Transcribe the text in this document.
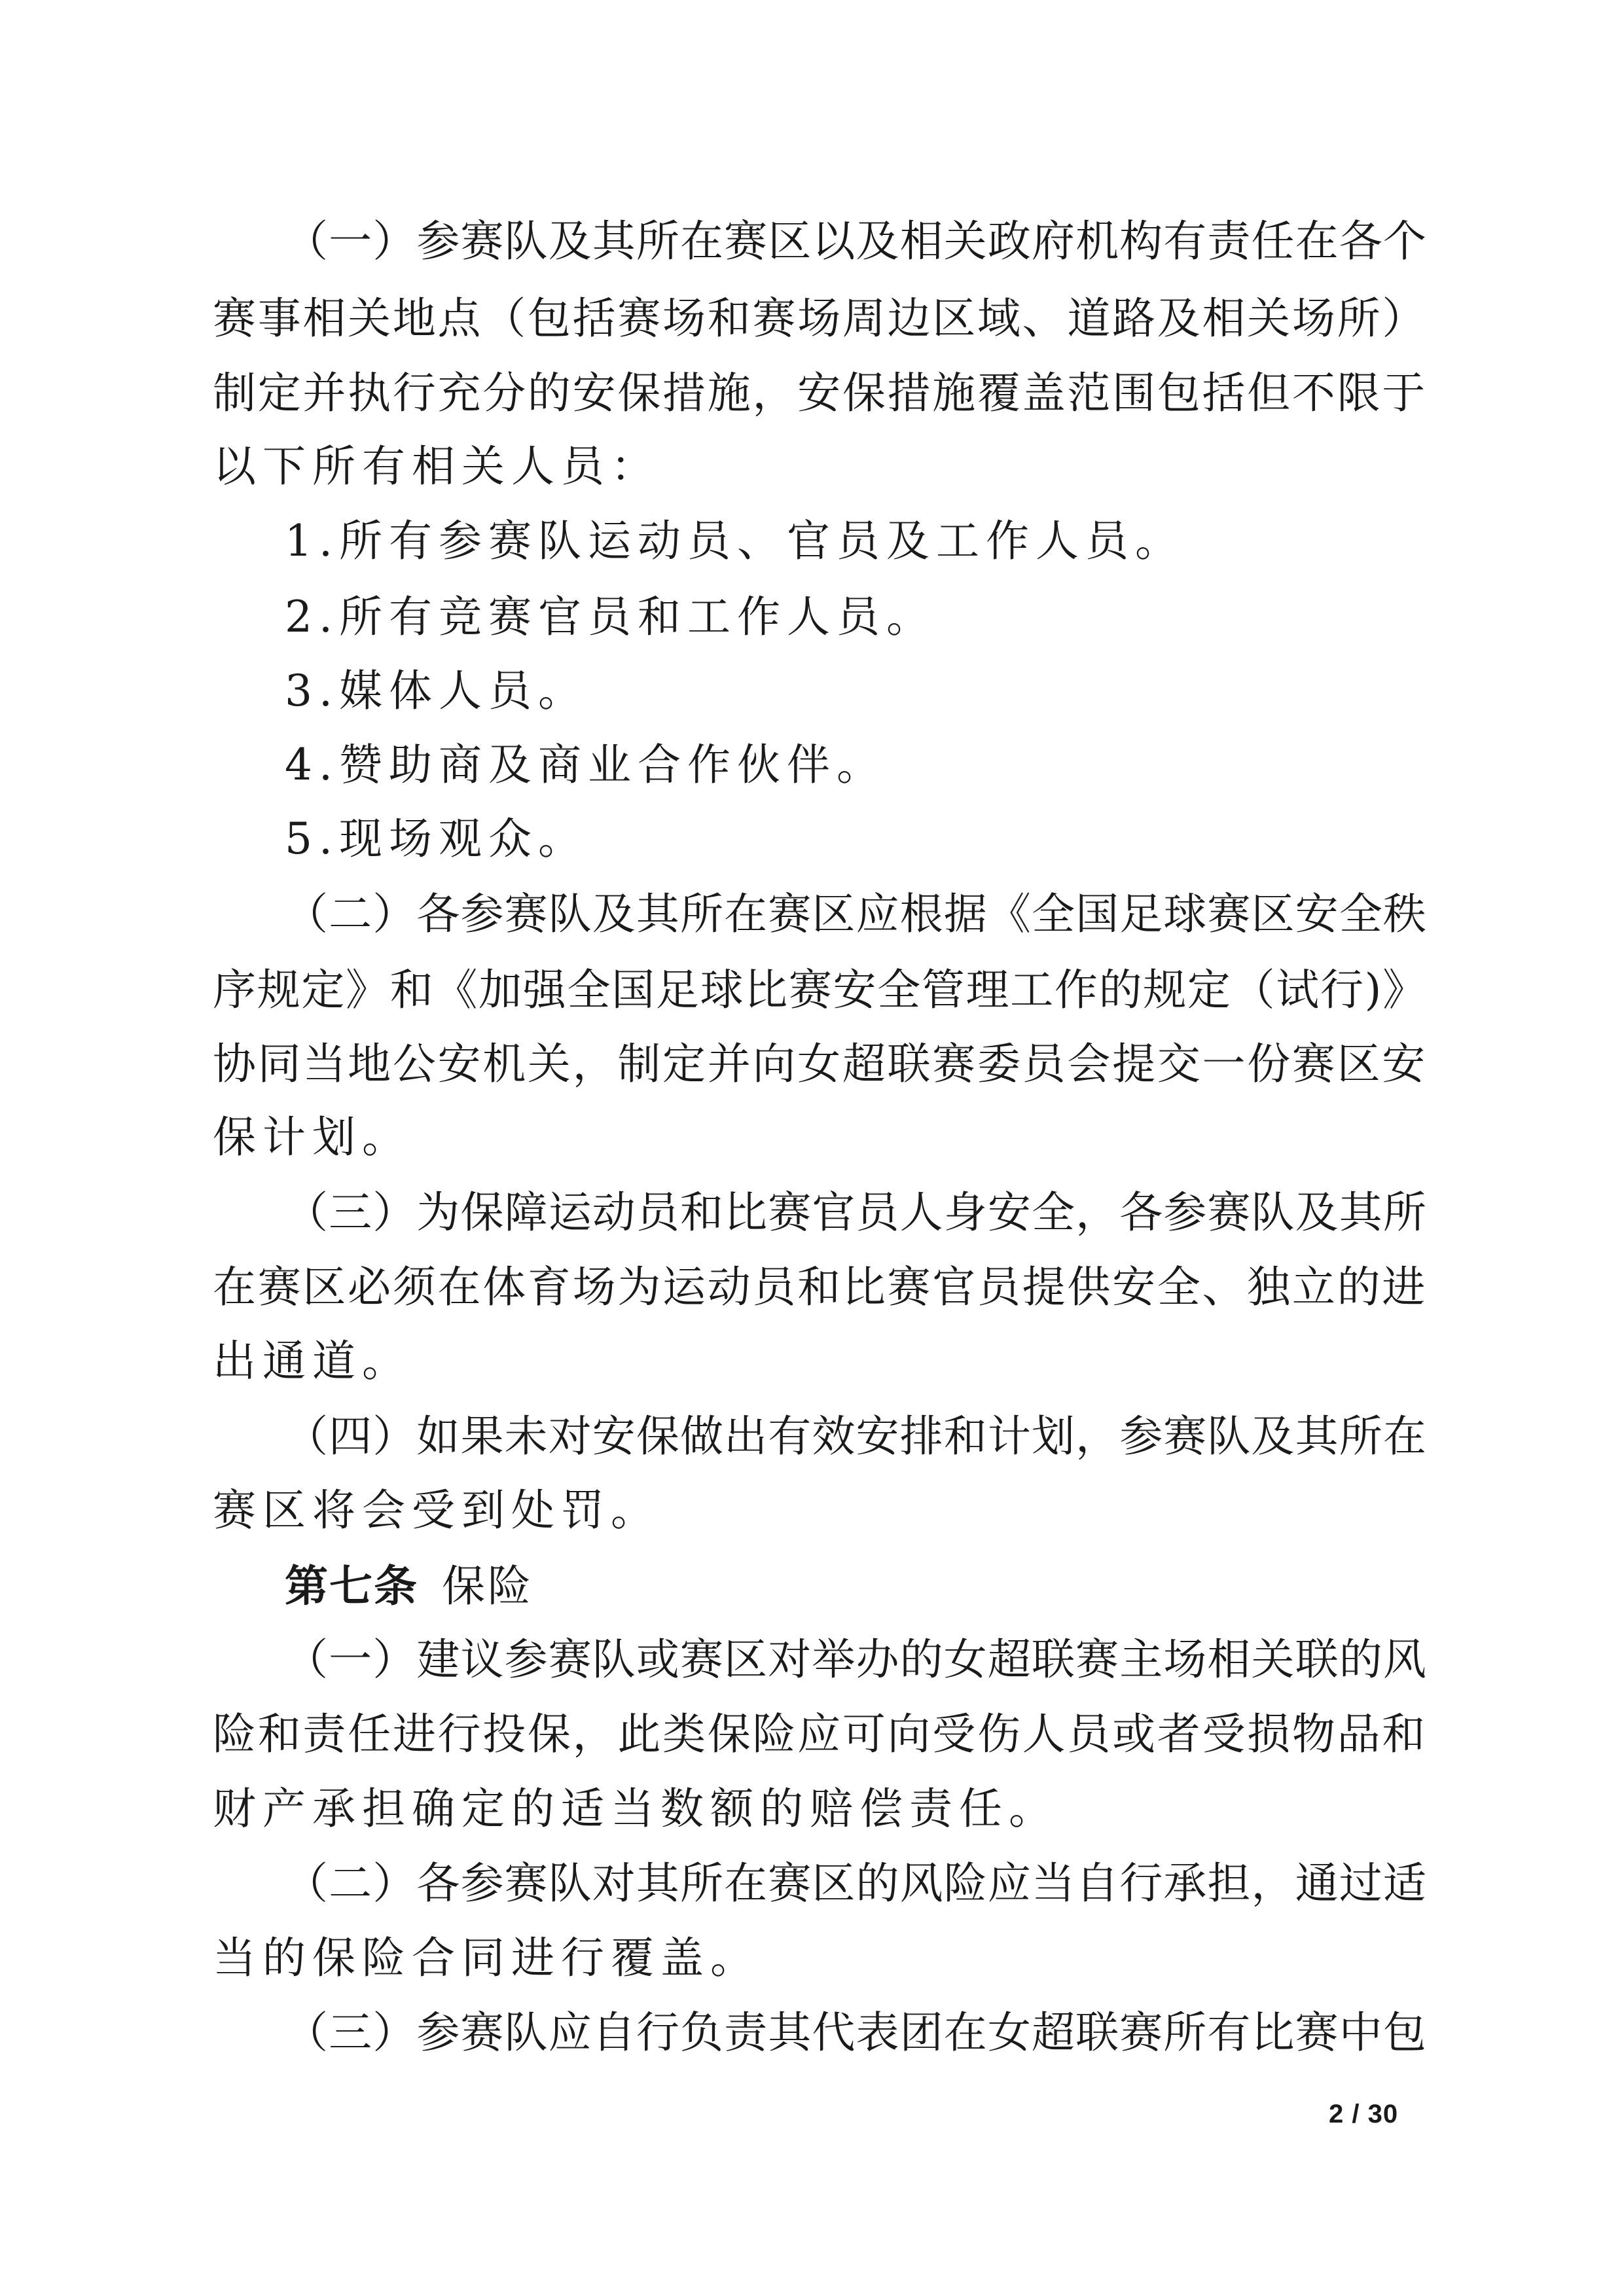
（一）参赛队及其所在赛区以及相关政府机构有责任在各个
赛事相关地点（包括赛场和赛场周边区域、道路及相关场所）
制定并执行充分的安保措施，安保措施覆盖范围包括但不限于
以下所有相关人员：
1.所有参赛队运动员、官员及工作人员。
2.所有竞赛官员和工作人员。
3.媒体人员。
4.赞助商及商业合作伙伴。
5.现场观众。
（二）各参赛队及其所在赛区应根据《全国足球赛区安全秩
序规定》和《加强全国足球比赛安全管理工作的规定（试行)》
协同当地公安机关，制定并向女超联赛委员会提交一份赛区安
保计划。
（三）为保障运动员和比赛官员人身安全，各参赛队及其所
在赛区必须在体育场为运动员和比赛官员提供安全、独立的进
出通道。
（四）如果未对安保做出有效安排和计划，参赛队及其所在
赛区将会受到处罚。
第七条 保险
（一）建议参赛队或赛区对举办的女超联赛主场相关联的风
险和责任进行投保，此类保险应可向受伤人员或者受损物品和
财产承担确定的适当数额的赔偿责任。
（二）各参赛队对其所在赛区的风险应当自行承担，通过适
当的保险合同进行覆盖。
（三）参赛队应自行负责其代表团在女超联赛所有比赛中包
2 / 30
